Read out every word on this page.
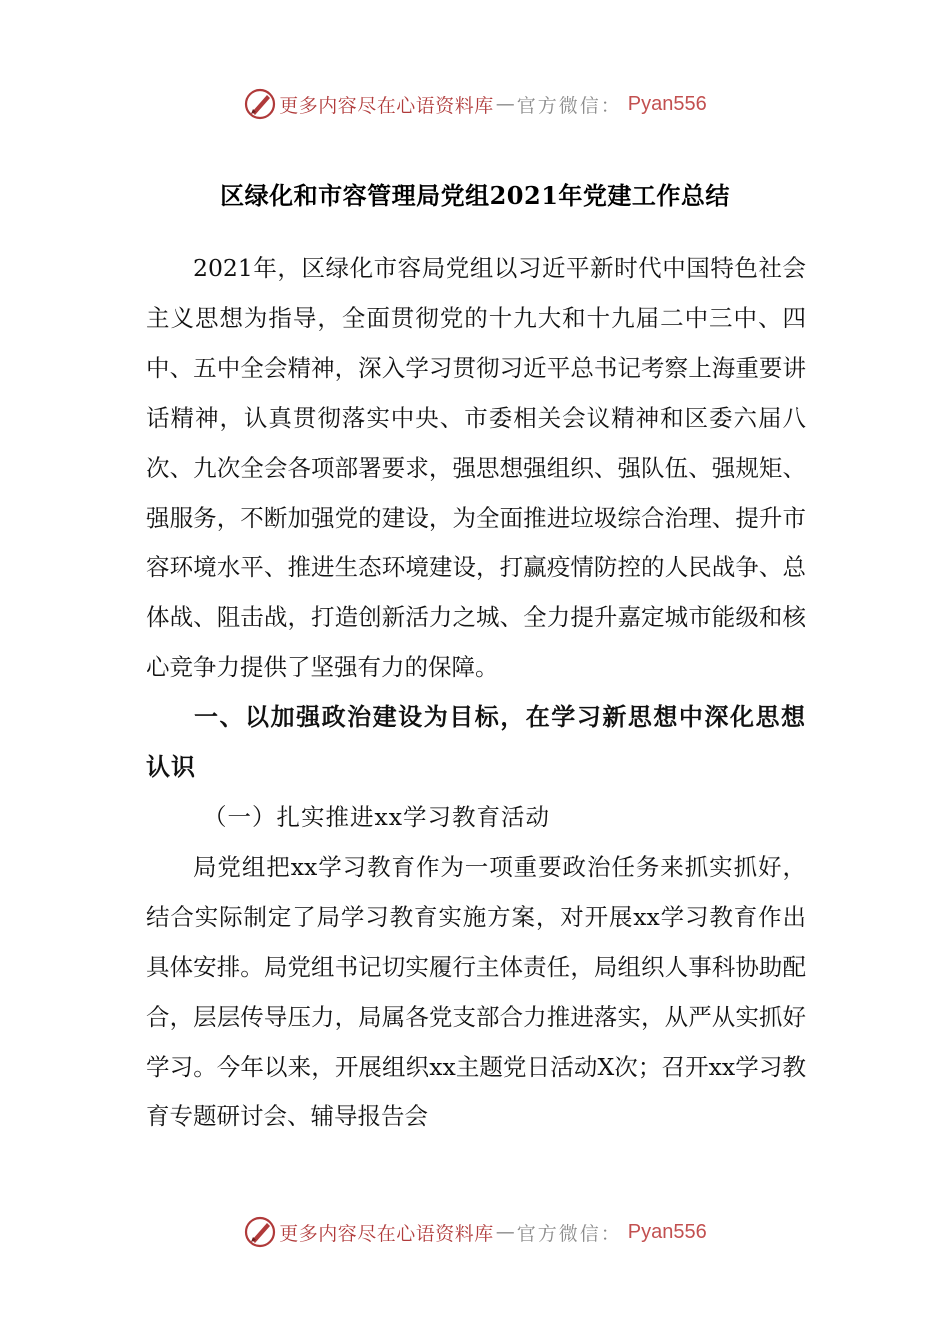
更多内容尽在心语资料库 — 官方微信： Pyan556
区绿化和市容管理局党组2021年党建工作总结

2021年，区绿化市容局党组以习近平新时代中国特色社会主义思想为指导，全面贯彻党的十九大和十九届二中三中、四中、五中全会精神，深入学习贯彻习近平总书记考察上海重要讲话精神，认真贯彻落实中央、市委相关会议精神和区委六届八次、九次全会各项部署要求，强思想强组织、强队伍、强规矩、强服务，不断加强党的建设，为全面推进垃圾综合治理、提升市容环境水平、推进生态环境建设，打赢疫情防控的人民战争、总体战、阻击战，打造创新活力之城、全力提升嘉定城市能级和核心竞争力提供了坚强有力的保障。

一、以加强政治建设为目标，在学习新思想中深化思想认识

（一）扎实推进xx学习教育活动

局党组把xx学习教育作为一项重要政治任务来抓实抓好，结合实际制定了局学习教育实施方案，对开展xx学习教育作出具体安排。局党组书记切实履行主体责任，局组织人事科协助配合，层层传导压力，局属各党支部合力推进落实，从严从实抓好学习。今年以来，开展组织xx主题党日活动X次；召开xx学习教育专题研讨会、辅导报告会

更多内容尽在心语资料库 — 官方微信： Pyan556
